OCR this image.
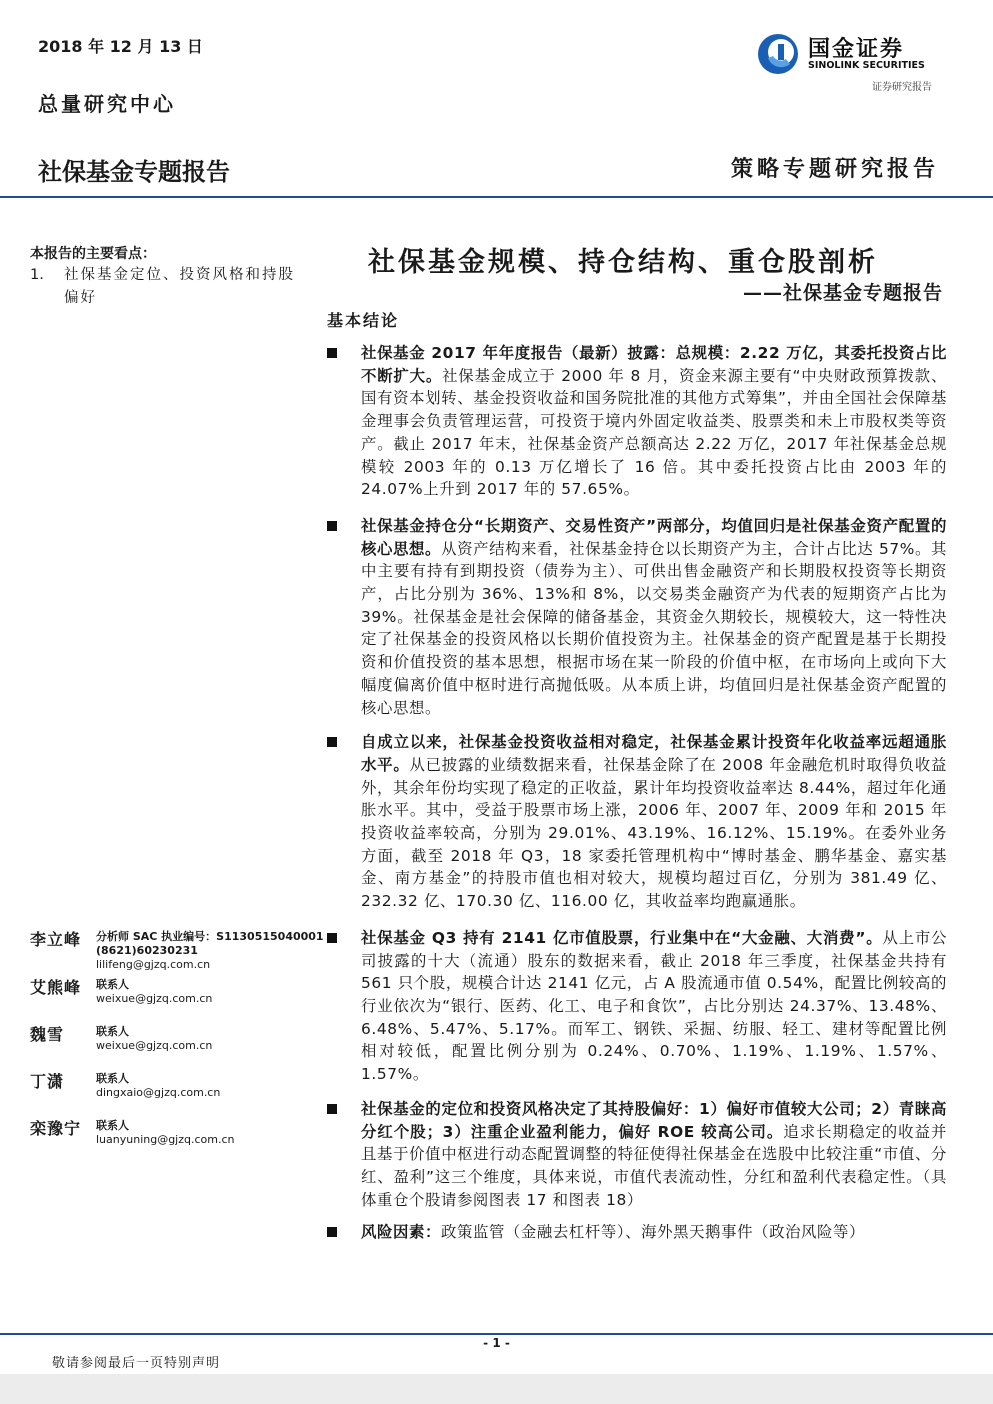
2018 年 12 月 13 日
总量研究中心
社保基金专题报告	策略专题研究报告
国金证券
SINOLINK SECURITIES
证券研究报告
本报告的主要看点：
1.	社保基金定位、投资风格和持股偏好
李立峰 分析师 SAC 执业编号：S1130515040001
(8621)60230231
lilifeng@gjzq.com.cn
艾熊峰 联系人
weixue@gjzq.com.cn
魏雪	联系人
weixue@gjzq.com.cn
丁潇	联系人
dingxaio@gjzq.com.cn
栾豫宁 联系人
luanyuning@gjzq.com.cn
社保基金规模、持仓结构、重仓股剖析
——社保基金专题报告
基本结论
社保基金 2017 年年度报告（最新）披露：总规模：2.22 万亿，其委托投资占比不断扩大。社保基金成立于 2000 年 8 月，资金来源主要有“中央财政预算拨款、国有资本划转、基金投资收益和国务院批准的其他方式筹集”，并由全国社会保障基金理事会负责管理运营，可投资于境内外固定收益类、股票类和未上市股权类等资产。截止 2017 年末，社保基金资产总额高达 2.22 万亿，2017 年社保基金总规模较 2003 年的 0.13 万亿增长了 16 倍。其中委托投资占比由 2003 年的 24.07%上升到 2017 年的 57.65%。
社保基金持仓分“长期资产、交易性资产”两部分，均值回归是社保基金资产配置的核心思想。从资产结构来看，社保基金持仓以长期资产为主，合计占比达 57%。其中主要有持有到期投资（债券为主）、可供出售金融资产和长期股权投资等长期资产，占比分别为 36%、13%和 8%，以交易类金融资产为代表的短期资产占比为 39%。社保基金是社会保障的储备基金，其资金久期较长，规模较大，这一特性决定了社保基金的投资风格以长期价值投资为主。社保基金的资产配置是基于长期投资和价值投资的基本思想，根据市场在某一阶段的价值中枢，在市场向上或向下大幅度偏离价值中枢时进行高抛低吸。从本质上讲，均值回归是社保基金资产配置的核心思想。
自成立以来，社保基金投资收益相对稳定，社保基金累计投资年化收益率远超通胀水平。从已披露的业绩数据来看，社保基金除了在 2008 年金融危机时取得负收益外，其余年份均实现了稳定的正收益，累计年均投资收益率达 8.44%，超过年化通胀水平。其中，受益于股票市场上涨，2006 年、2007 年、2009 年和 2015 年投资收益率较高，分别为 29.01%、43.19%、16.12%、15.19%。在委外业务方面，截至 2018 年 Q3，18 家委托管理机构中“博时基金、鹏华基金、嘉实基金、南方基金”的持股市值也相对较大，规模均超过百亿，分别为 381.49 亿、232.32 亿、170.30 亿、116.00 亿，其收益率均跑赢通胀。
社保基金 Q3 持有 2141 亿市值股票，行业集中在“大金融、大消费”。从上市公司披露的十大（流通）股东的数据来看，截止 2018 年三季度，社保基金共持有 561 只个股，规模合计达 2141 亿元，占 A 股流通市值 0.54%，配置比例较高的行业依次为“银行、医药、化工、电子和食饮”，占比分别达 24.37%、13.48%、6.48%、5.47%、5.17%。而军工、钢铁、采掘、纺服、轻工、建材等配置比例相对较低，配置比例分别为 0.24%、0.70%、1.19%、1.19%、1.57%、1.57%。
社保基金的定位和投资风格决定了其持股偏好：1）偏好市值较大公司；2）青睐高分红个股；3）注重企业盈利能力，偏好 ROE 较高公司。追求长期稳定的收益并且基于价值中枢进行动态配置调整的特征使得社保基金在选股中比较注重“市值、分红、盈利”这三个维度，具体来说，市值代表流动性，分红和盈利代表稳定性。（具体重仓个股请参阅图表 17 和图表 18）
风险因素：政策监管（金融去杠杆等）、海外黑天鹅事件（政治风险等）
- 1 -
敬请参阅最后一页特别声明
